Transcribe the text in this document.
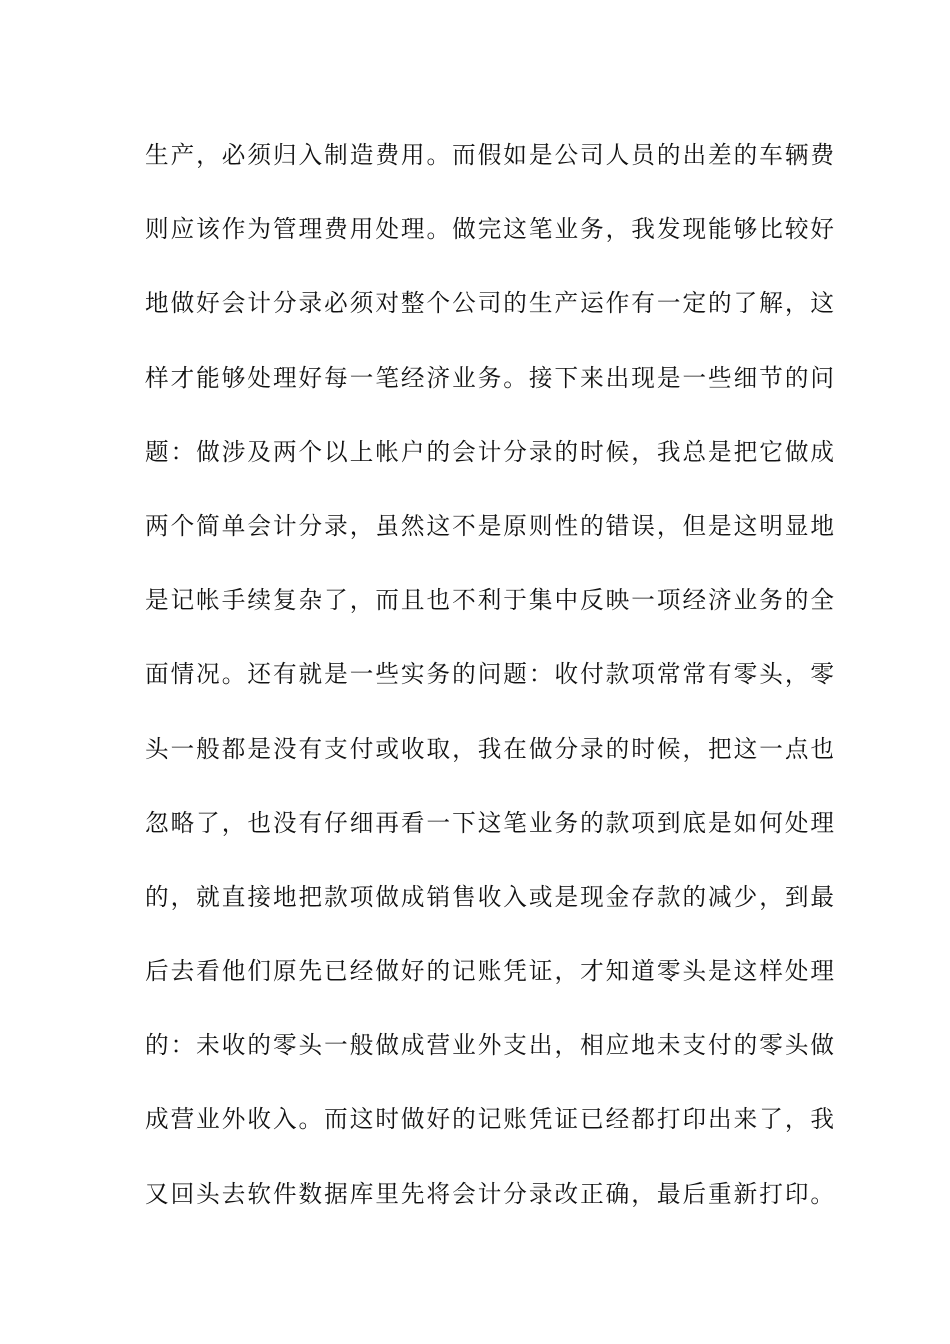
生产，必须归入制造费用。而假如是公司人员的出差的车辆费
则应该作为管理费用处理。做完这笔业务，我发现能够比较好
地做好会计分录必须对整个公司的生产运作有一定的了解，这
样才能够处理好每一笔经济业务。接下来出现是一些细节的问
题：做涉及两个以上帐户的会计分录的时候，我总是把它做成
两个简单会计分录，虽然这不是原则性的错误，但是这明显地
是记帐手续复杂了，而且也不利于集中反映一项经济业务的全
面情况。还有就是一些实务的问题：收付款项常常有零头，零
头一般都是没有支付或收取，我在做分录的时候，把这一点也
忽略了，也没有仔细再看一下这笔业务的款项到底是如何处理
的，就直接地把款项做成销售收入或是现金存款的减少，到最
后去看他们原先已经做好的记账凭证，才知道零头是这样处理
的：未收的零头一般做成营业外支出，相应地未支付的零头做
成营业外收入。而这时做好的记账凭证已经都打印出来了，我
又回头去软件数据库里先将会计分录改正确，最后重新打印。
